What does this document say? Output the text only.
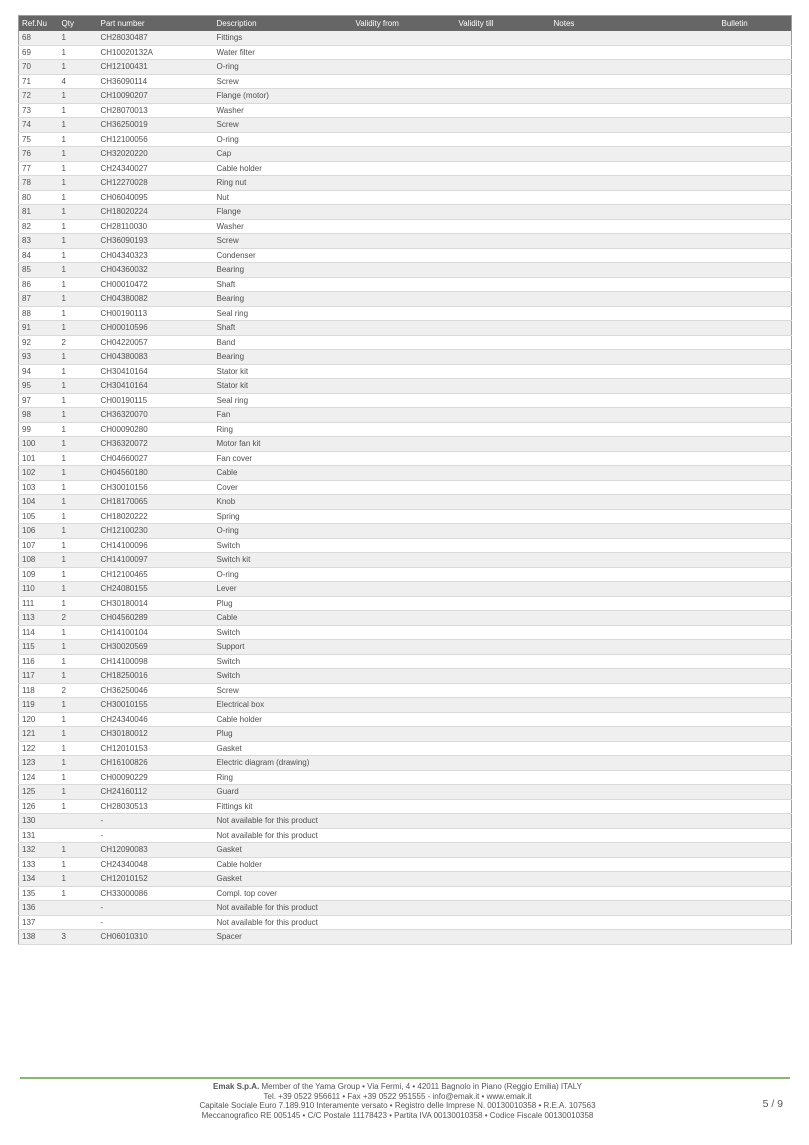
Ref.Nu	Qty	Part number	Description	Validity from	Validity till	Notes	Bulletin
68	1	CH28030487	Fittings				
69	1	CH10020132A	Water filter				
70	1	CH12100431	O-ring				
71	4	CH36090114	Screw				
72	1	CH10090207	Flange (motor)				
73	1	CH28070013	Washer				
74	1	CH36250019	Screw				
75	1	CH12100056	O-ring				
76	1	CH32020220	Cap				
77	1	CH24340027	Cable holder				
78	1	CH12270028	Ring nut				
80	1	CH06040095	Nut				
81	1	CH18020224	Flange				
82	1	CH28110030	Washer				
83	1	CH36090193	Screw				
84	1	CH04340323	Condenser				
85	1	CH04360032	Bearing				
86	1	CH00010472	Shaft				
87	1	CH04380082	Bearing				
88	1	CH00190113	Seal ring				
91	1	CH00010596	Shaft				
92	2	CH04220057	Band				
93	1	CH04380083	Bearing				
94	1	CH30410164	Stator kit				
95	1	CH30410164	Stator kit				
97	1	CH00190115	Seal ring				
98	1	CH36320070	Fan				
99	1	CH00090280	Ring				
100	1	CH36320072	Motor fan kit				
101	1	CH04660027	Fan cover				
102	1	CH04560180	Cable				
103	1	CH30010156	Cover				
104	1	CH18170065	Knob				
105	1	CH18020222	Spring				
106	1	CH12100230	O-ring				
107	1	CH14100096	Switch				
108	1	CH14100097	Switch kit				
109	1	CH12100465	O-ring				
110	1	CH24080155	Lever				
111	1	CH30180014	Plug				
113	2	CH04560289	Cable				
114	1	CH14100104	Switch				
115	1	CH30020569	Support				
116	1	CH14100098	Switch				
117	1	CH18250016	Switch				
118	2	CH36250046	Screw				
119	1	CH30010155	Electrical box				
120	1	CH24340046	Cable holder				
121	1	CH30180012	Plug				
122	1	CH12010153	Gasket				
123	1	CH16100826	Electric diagram (drawing)				
124	1	CH00090229	Ring				
125	1	CH24160112	Guard				
126	1	CH28030513	Fittings kit				
130		-	Not available for this product				
131		-	Not available for this product				
132	1	CH12090083	Gasket				
133	1	CH24340048	Cable holder				
134	1	CH12010152	Gasket				
135	1	CH33000086	Compl. top cover				
136		-	Not available for this product				
137		-	Not available for this product				
138	3	CH06010310	Spacer				
Emak S.p.A. Member of the Yama Group • Via Fermi, 4 • 42011 Bagnolo in Piano (Reggio Emilia) ITALY
Tel. +39 0522 956611 • Fax +39 0522 951555 - info@emak.it • www.emak.it
Capitale Sociale Euro 7.189.910 Interamente versato • Registro delle Imprese N. 00130010358 • R.E.A. 107563
Meccanografico RE 005145 • C/C Postale 11178423 • Partita IVA 00130010358 • Codice Fiscale 00130010358
5 / 9
